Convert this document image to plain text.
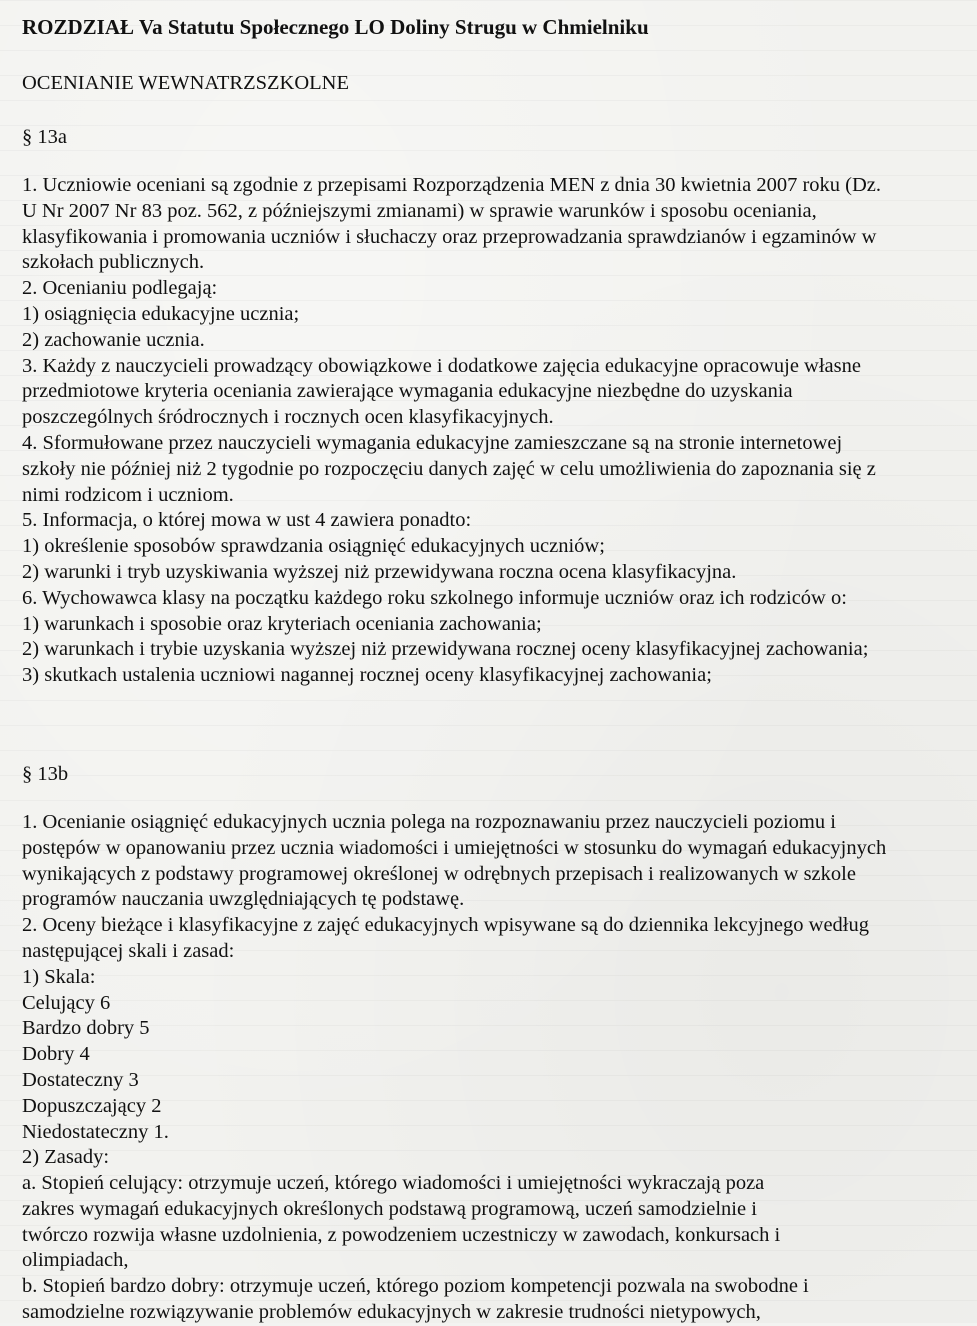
ROZDZIAŁ Va Statutu Społecznego LO Doliny Strugu w Chmielniku
OCENIANIE WEWNATRZSZKOLNE
§ 13a
1. Uczniowie oceniani są zgodnie z przepisami Rozporządzenia MEN z dnia 30 kwietnia 2007 roku (Dz.
U Nr 2007 Nr 83 poz. 562, z późniejszymi zmianami) w sprawie warunków i sposobu oceniania,
klasyfikowania i promowania uczniów i słuchaczy oraz przeprowadzania sprawdzianów i egzaminów w
szkołach publicznych.
2. Ocenianiu podlegają:
1) osiągnięcia edukacyjne ucznia;
2) zachowanie ucznia.
3. Każdy z nauczycieli prowadzący obowiązkowe i dodatkowe zajęcia edukacyjne opracowuje własne
przedmiotowe kryteria oceniania zawierające wymagania edukacyjne niezbędne do uzyskania
poszczególnych śródrocznych i rocznych ocen klasyfikacyjnych.
4. Sformułowane przez nauczycieli wymagania edukacyjne zamieszczane są na stronie internetowej
szkoły nie później niż 2 tygodnie po rozpoczęciu danych zajęć w celu umożliwienia do zapoznania się z
nimi rodzicom i uczniom.
5. Informacja, o której mowa w ust 4 zawiera ponadto:
1) określenie sposobów sprawdzania osiągnięć edukacyjnych uczniów;
2) warunki i tryb uzyskiwania wyższej niż przewidywana roczna ocena klasyfikacyjna.
6. Wychowawca klasy na początku każdego roku szkolnego informuje uczniów oraz ich rodziców o:
1) warunkach i sposobie oraz kryteriach oceniania zachowania;
2) warunkach i trybie uzyskania wyższej niż przewidywana rocznej oceny klasyfikacyjnej zachowania;
3) skutkach ustalenia uczniowi nagannej rocznej oceny klasyfikacyjnej zachowania;
§ 13b
1. Ocenianie osiągnięć edukacyjnych ucznia polega na rozpoznawaniu przez nauczycieli poziomu i
postępów w opanowaniu przez ucznia wiadomości i umiejętności w stosunku do wymagań edukacyjnych
wynikających z podstawy programowej określonej w odrębnych przepisach i realizowanych w szkole
programów nauczania uwzględniających tę podstawę.
2. Oceny bieżące i klasyfikacyjne z zajęć edukacyjnych wpisywane są do dziennika lekcyjnego według
następującej skali i zasad:
1) Skala:
Celujący 6
Bardzo dobry 5
Dobry 4
Dostateczny 3
Dopuszczający 2
Niedostateczny 1.
2) Zasady:
a. Stopień celujący: otrzymuje uczeń, którego wiadomości i umiejętności wykraczają poza
zakres wymagań edukacyjnych określonych podstawą programową, uczeń samodzielnie i
twórczo rozwija własne uzdolnienia, z powodzeniem uczestniczy w zawodach, konkursach i
olimpiadach,
b. Stopień bardzo dobry: otrzymuje uczeń, którego poziom kompetencji pozwala na swobodne i
samodzielne rozwiązywanie problemów edukacyjnych w zakresie trudności nietypowych,
